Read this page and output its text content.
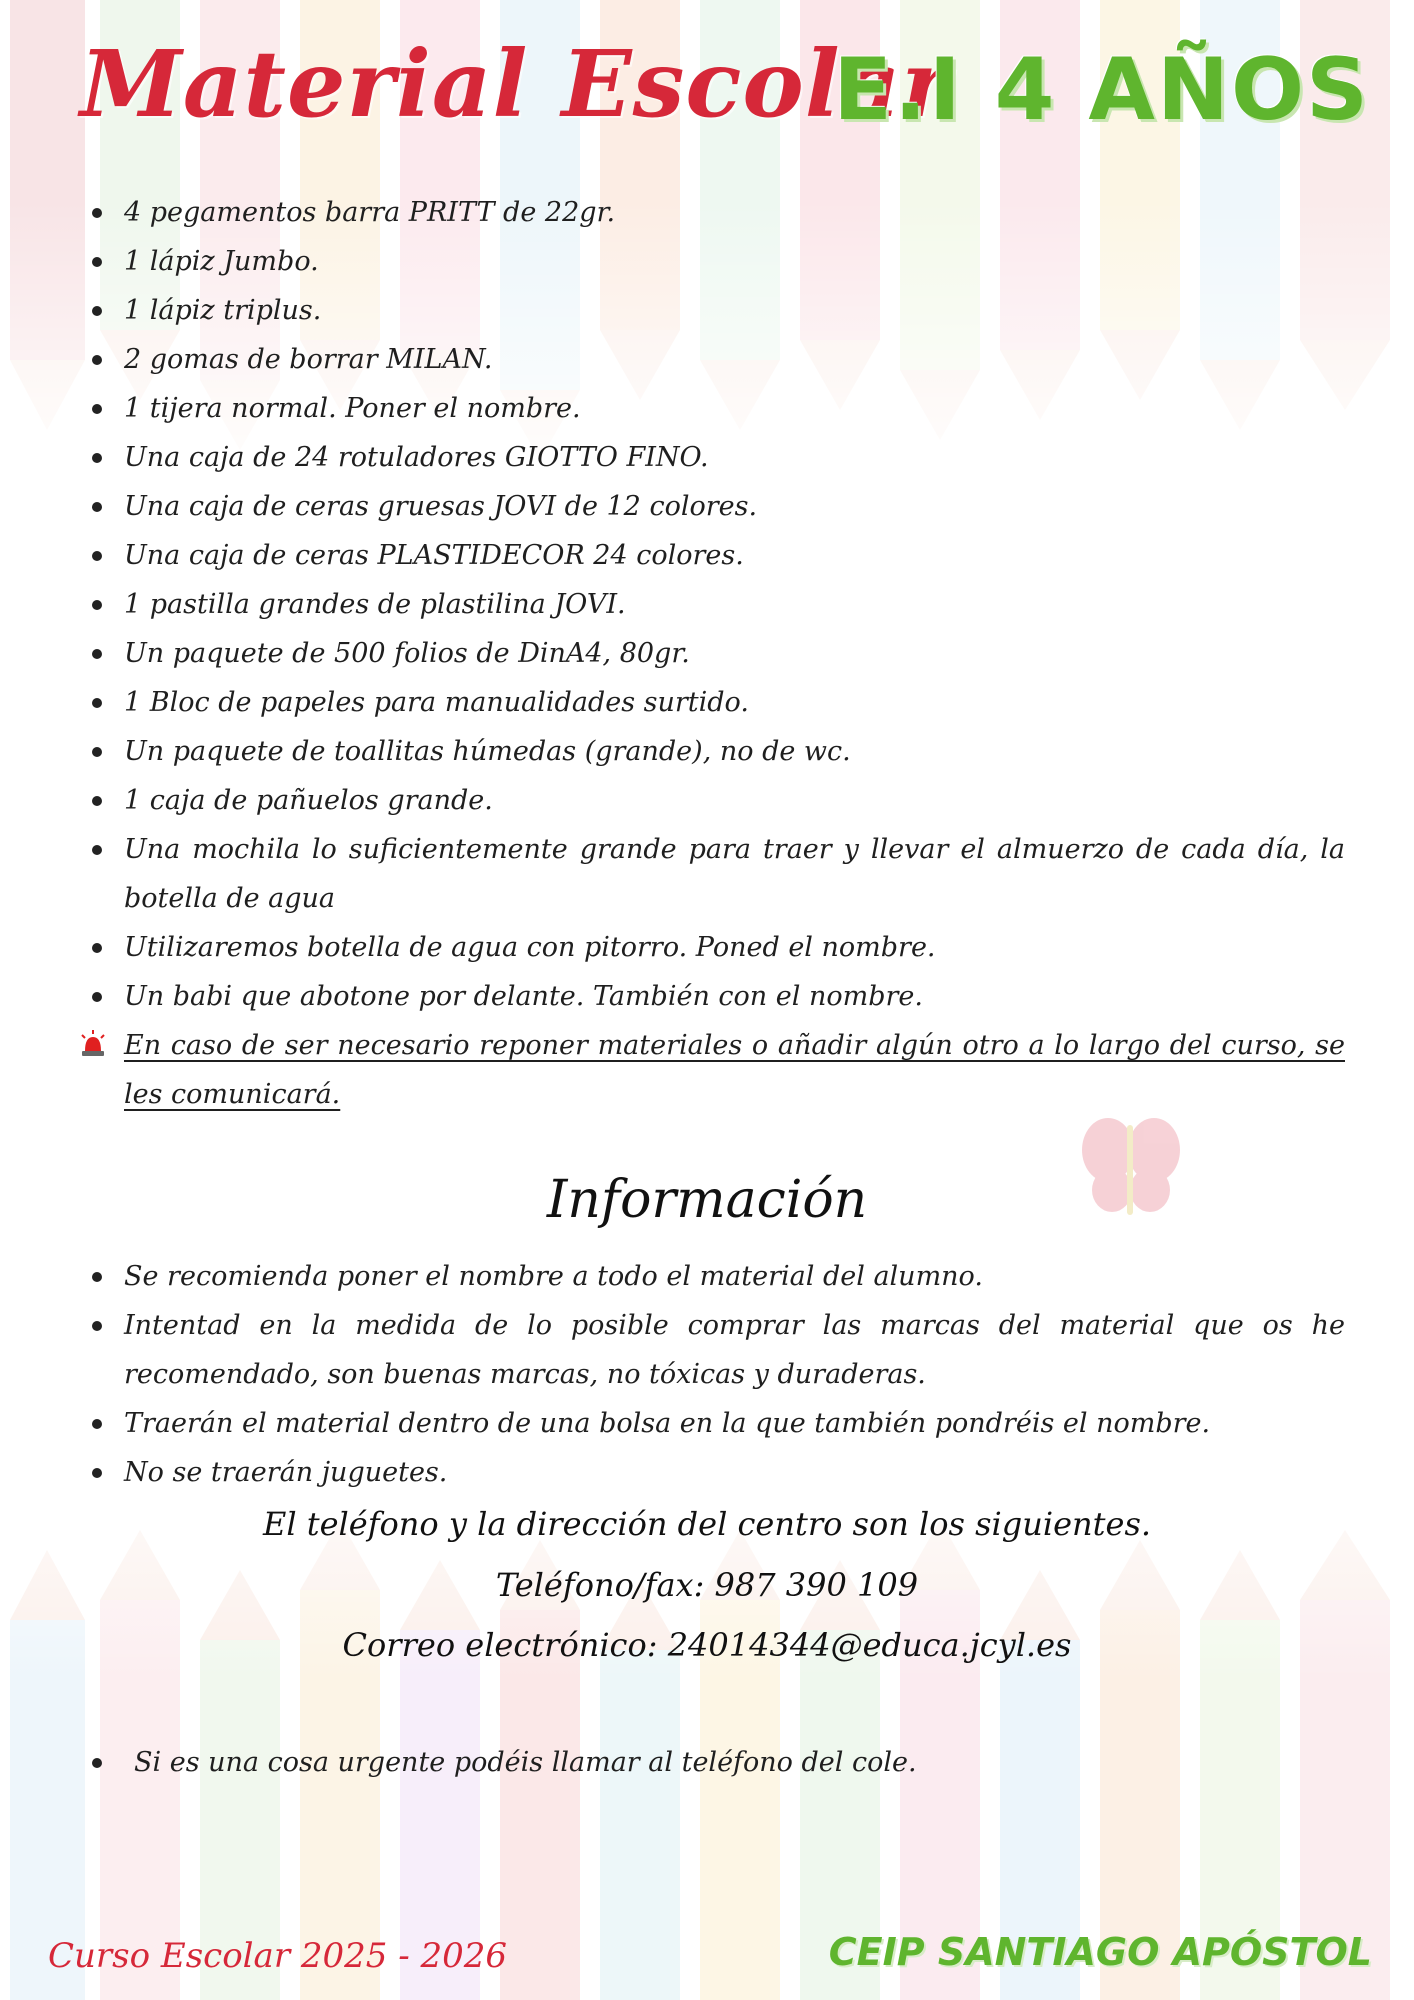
Material Escolar
E.I 4 AÑOS
4 pegamentos barra PRITT de 22gr.
1 lápiz Jumbo.
1 lápiz triplus.
2 gomas de borrar MILAN.
1 tijera normal. Poner el nombre.
Una caja de 24 rotuladores GIOTTO FINO.
Una caja de ceras gruesas JOVI de 12 colores.
Una caja de ceras PLASTIDECOR 24 colores.
1 pastilla grandes de plastilina JOVI.
Un paquete de 500 folios de DinA4, 80gr.
1 Bloc de papeles para manualidades surtido.
Un paquete de toallitas húmedas (grande), no de wc.
1 caja de pañuelos grande.
Una mochila lo suficientemente grande para traer y llevar el almuerzo de cada día, la botella de agua
Utilizaremos botella de agua con pitorro. Poned el nombre.
Un babi que abotone por delante. También con el nombre.
En caso de ser necesario reponer materiales o añadir algún otro a lo largo del curso, se les comunicará.
Información
Se recomienda poner el nombre a todo el material del alumno.
Intentad en la medida de lo posible comprar las marcas del material que os he recomendado, son buenas marcas, no tóxicas y duraderas.
Traerán el material dentro de una bolsa en la que también pondréis el nombre.
No se traerán juguetes.
El teléfono y la dirección del centro son los siguientes.
Teléfono/fax: 987 390 109
Correo electrónico: 24014344@educa.jcyl.es
Si es una cosa urgente podéis llamar al teléfono del cole.
Curso Escolar 2025 - 2026	CEIP SANTIAGO APÓSTOL
